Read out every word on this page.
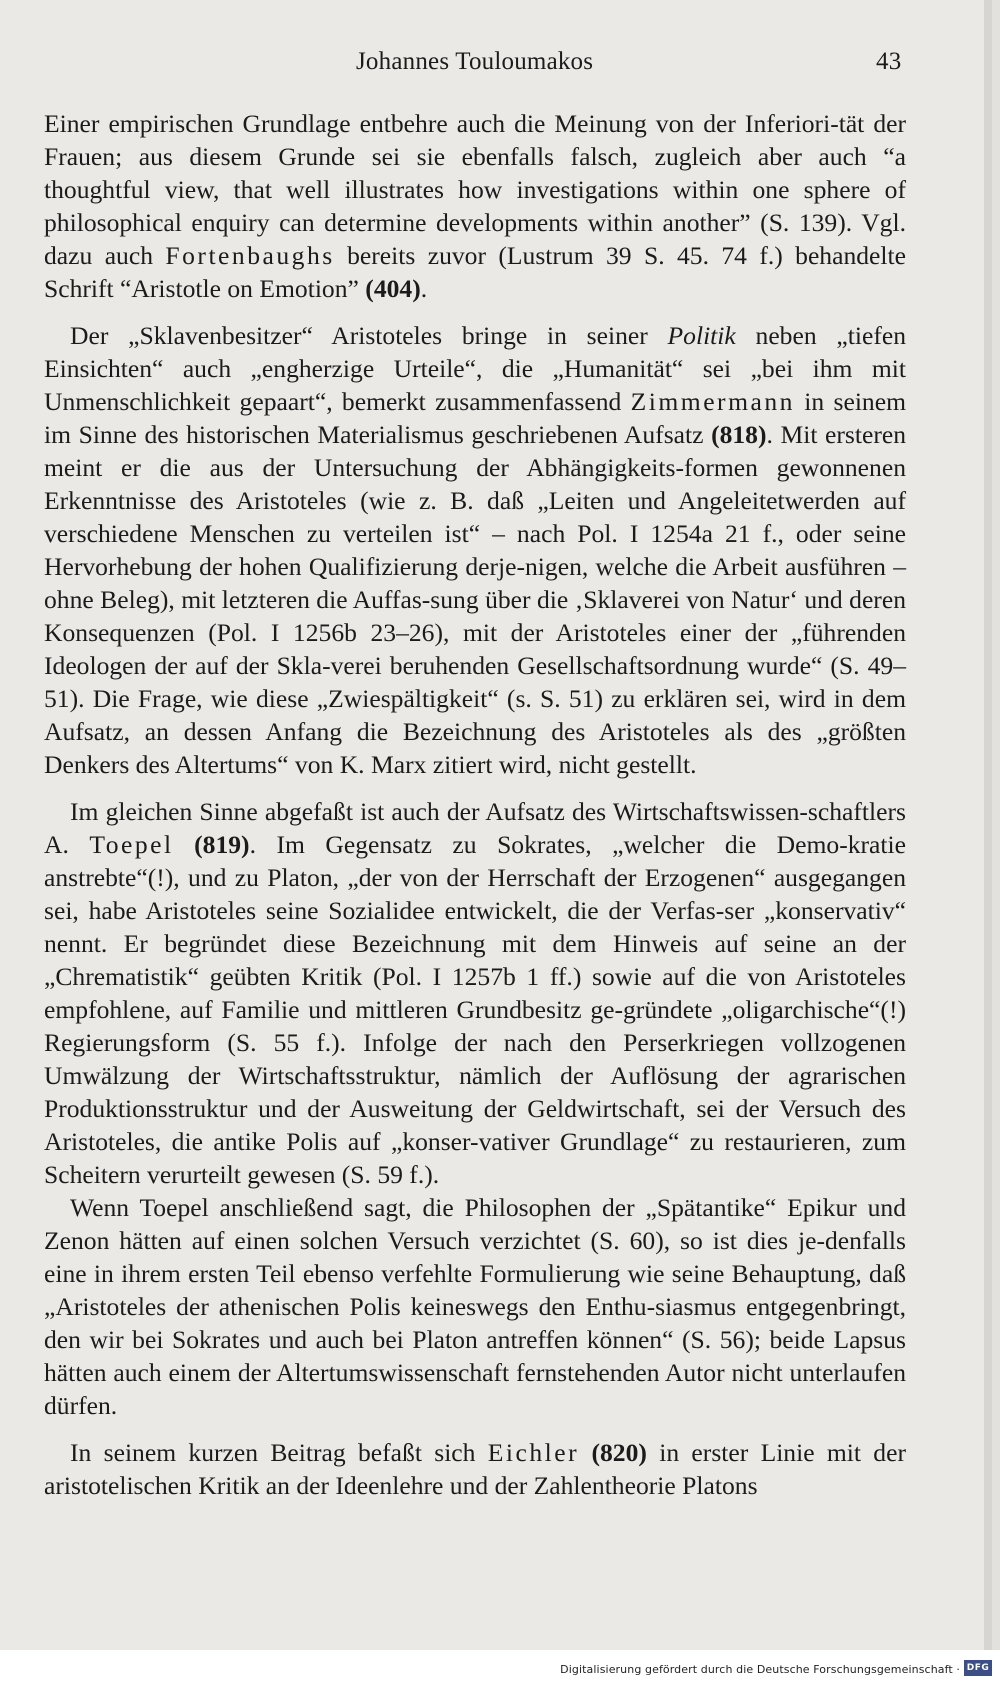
Johannes Touloumakos	43

Einer empirischen Grundlage entbehre auch die Meinung von der Inferiori-tät der Frauen; aus diesem Grunde sei sie ebenfalls falsch, zugleich aber auch “a thoughtful view, that well illustrates how investigations within one sphere of philosophical enquiry can determine developments within another” (S. 139). Vgl. dazu auch Fortenbaughs bereits zuvor (Lustrum 39 S. 45. 74 f.) behandelte Schrift “Aristotle on Emotion” (404).

Der „Sklavenbesitzer“ Aristoteles bringe in seiner Politik neben „tiefen Einsichten“ auch „engherzige Urteile“, die „Humanität“ sei „bei ihm mit Unmenschlichkeit gepaart“, bemerkt zusammenfassend Zimmermann in seinem im Sinne des historischen Materialismus geschriebenen Aufsatz (818). Mit ersteren meint er die aus der Untersuchung der Abhängigkeits-formen gewonnenen Erkenntnisse des Aristoteles (wie z. B. daß „Leiten und Angeleitetwerden auf verschiedene Menschen zu verteilen ist“ – nach Pol. I 1254a 21 f., oder seine Hervorhebung der hohen Qualifizierung derje-nigen, welche die Arbeit ausführen – ohne Beleg), mit letzteren die Auffas-sung über die ‚Sklaverei von Natur‘ und deren Konsequenzen (Pol. I 1256b 23–26), mit der Aristoteles einer der „führenden Ideologen der auf der Skla-verei beruhenden Gesellschaftsordnung wurde“ (S. 49–51). Die Frage, wie diese „Zwiespältigkeit“ (s. S. 51) zu erklären sei, wird in dem Aufsatz, an dessen Anfang die Bezeichnung des Aristoteles als des „größten Denkers des Altertums“ von K. Marx zitiert wird, nicht gestellt.

Im gleichen Sinne abgefaßt ist auch der Aufsatz des Wirtschaftswissen-schaftlers A. Toepel (819). Im Gegensatz zu Sokrates, „welcher die Demo-kratie anstrebte“(!), und zu Platon, „der von der Herrschaft der Erzogenen“ ausgegangen sei, habe Aristoteles seine Sozialidee entwickelt, die der Verfas-ser „konservativ“ nennt. Er begründet diese Bezeichnung mit dem Hinweis auf seine an der „Chrematistik“ geübten Kritik (Pol. I 1257b 1 ff.) sowie auf die von Aristoteles empfohlene, auf Familie und mittleren Grundbesitz ge-gründete „oligarchische“(!) Regierungsform (S. 55 f.). Infolge der nach den Perserkriegen vollzogenen Umwälzung der Wirtschaftsstruktur, nämlich der Auflösung der agrarischen Produktionsstruktur und der Ausweitung der Geldwirtschaft, sei der Versuch des Aristoteles, die antike Polis auf „konser-vativer Grundlage“ zu restaurieren, zum Scheitern verurteilt gewesen (S. 59 f.).

Wenn Toepel anschließend sagt, die Philosophen der „Spätantike“ Epikur und Zenon hätten auf einen solchen Versuch verzichtet (S. 60), so ist dies je-denfalls eine in ihrem ersten Teil ebenso verfehlte Formulierung wie seine Behauptung, daß „Aristoteles der athenischen Polis keineswegs den Enthu-siasmus entgegenbringt, den wir bei Sokrates und auch bei Platon antreffen können“ (S. 56); beide Lapsus hätten auch einem der Altertumswissenschaft fernstehenden Autor nicht unterlaufen dürfen.

In seinem kurzen Beitrag befaßt sich Eichler (820) in erster Linie mit der aristotelischen Kritik an der Ideenlehre und der Zahlentheorie Platons

Digitalisierung gefördert durch die Deutsche Forschungsgemeinschaft · DFG
